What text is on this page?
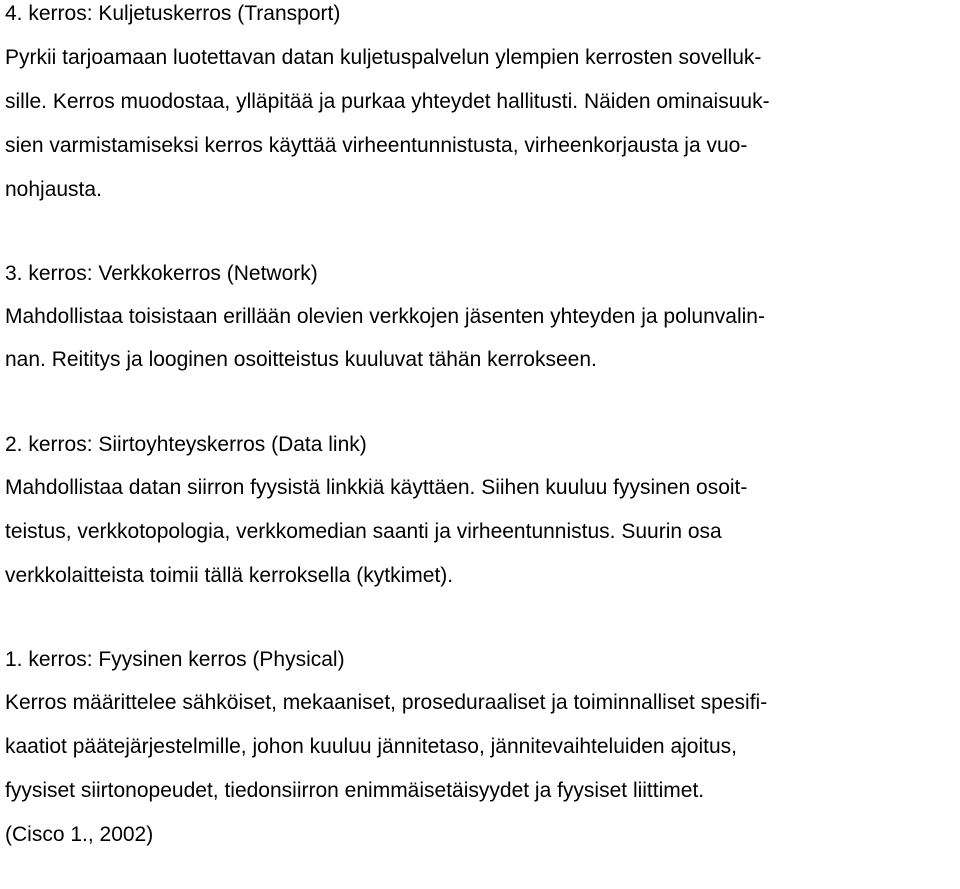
4. kerros: Kuljetuskerros (Transport)

Pyrkii tarjoamaan luotettavan datan kuljetuspalvelun ylempien kerrosten sovelluk-

sille. Kerros muodostaa, ylläpitää ja purkaa yhteydet hallitusti. Näiden ominaisuuk-

sien varmistamiseksi kerros käyttää virheentunnistusta, virheenkorjausta ja vuo-

nohjausta.

3. kerros: Verkkokerros (Network)

Mahdollistaa toisistaan erillään olevien verkkojen jäsenten yhteyden ja polunvalin-

nan. Reititys ja looginen osoitteistus kuuluvat tähän kerrokseen.

2. kerros: Siirtoyhteyskerros (Data link)

Mahdollistaa datan siirron fyysistä linkkiä käyttäen. Siihen kuuluu fyysinen osoit-

teistus, verkkotopologia, verkkomedian saanti ja virheentunnistus. Suurin osa

verkkolaitteista toimii tällä kerroksella (kytkimet).

1. kerros: Fyysinen kerros (Physical)

Kerros määrittelee sähköiset, mekaaniset, proseduraaliset ja toiminnalliset spesifi-

kaatiot päätejärjestelmille, johon kuuluu jännitetaso, jännitevaihteluiden ajoitus,

fyysiset siirtonopeudet, tiedonsiirron enimmäisetäisyydet ja fyysiset liittimet.

(Cisco 1., 2002)
